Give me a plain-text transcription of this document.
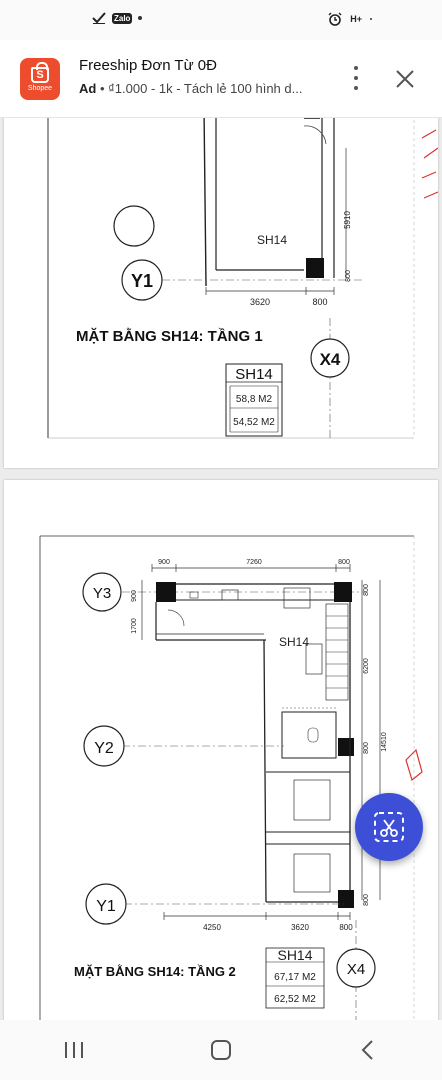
Zalo	H+
S
Shopee
Freeship Đơn Từ 0Đ
Ad • ₫1.000 - 1k - Tách lẻ 100 hình d...
Y1
3620	800
5910
800
SH14
MẶT BẰNG SH14: TẦNG 1
X4
SH14
58,8 M2
54,52 M2
900	7260	800
Y3	900
1700
SH14
Y2
Y1
800
6200
800 14510
800
4250	3620	800
X4
MẶT BẰNG SH14: TẦNG 2
SH14
67,17 M2
62,52 M2
